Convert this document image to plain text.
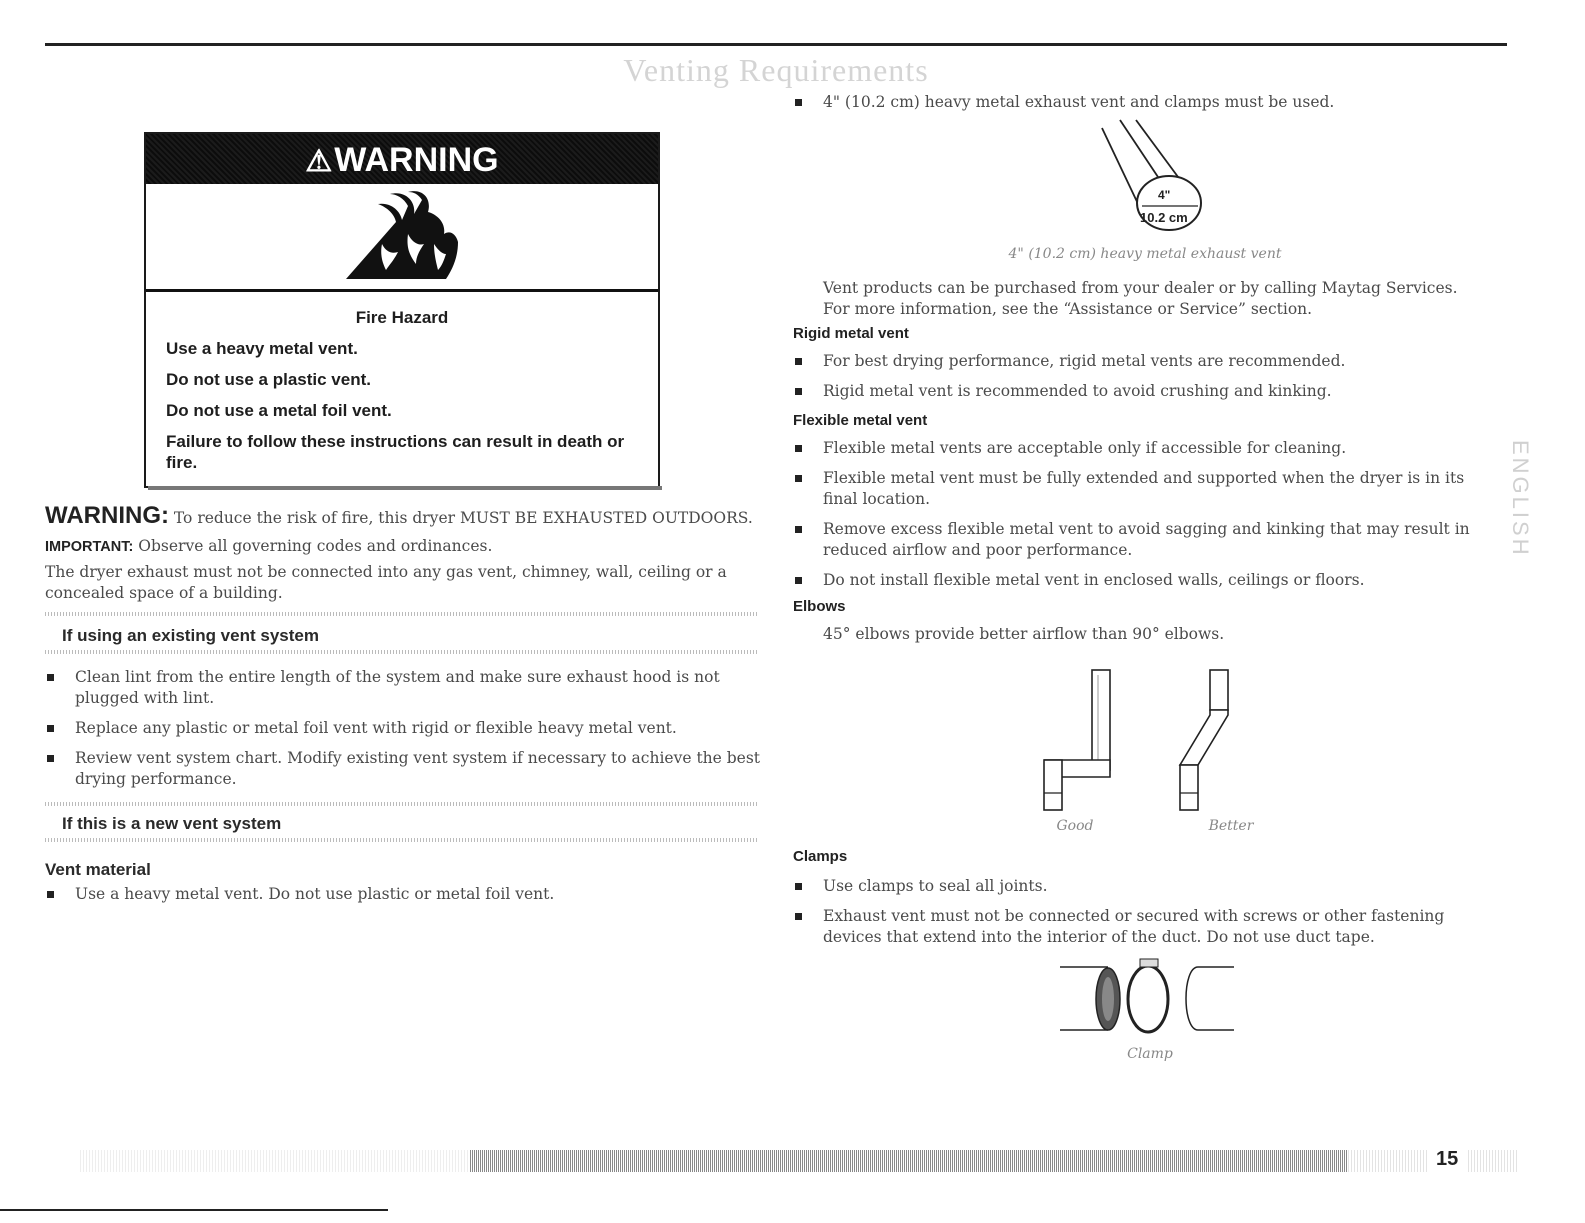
Venting Requirements
ENGLISH
⚠WARNING
Fire Hazard
Use a heavy metal vent.
Do not use a plastic vent.
Do not use a metal foil vent.
Failure to follow these instructions can result in death or fire.
WARNING: To reduce the risk of fire, this dryer MUST BE EXHAUSTED OUTDOORS.
IMPORTANT: Observe all governing codes and ordinances.
The dryer exhaust must not be connected into any gas vent, chimney, wall, ceiling or a concealed space of a building.
If using an existing vent system
Clean lint from the entire length of the system and make sure exhaust hood is not plugged with lint.
Replace any plastic or metal foil vent with rigid or flexible heavy metal vent.
Review vent system chart. Modify existing vent system if necessary to achieve the best drying performance.
If this is a new vent system
Vent material
Use a heavy metal vent. Do not use plastic or metal foil vent.
4" (10.2 cm) heavy metal exhaust vent and clamps must be used.
4"
10.2 cm
4" (10.2 cm) heavy metal exhaust vent
Vent products can be purchased from your dealer or by calling Maytag Services. For more information, see the “Assistance or Service” section.
Rigid metal vent
For best drying performance, rigid metal vents are recommended.
Rigid metal vent is recommended to avoid crushing and kinking.
Flexible metal vent
Flexible metal vents are acceptable only if accessible for cleaning.
Flexible metal vent must be fully extended and supported when the dryer is in its final location.
Remove excess flexible metal vent to avoid sagging and kinking that may result in reduced airflow and poor performance.
Do not install flexible metal vent in enclosed walls, ceilings or floors.
Elbows
45° elbows provide better airflow than 90° elbows.
Good	Better
Clamps
Use clamps to seal all joints.
Exhaust vent must not be connected or secured with screws or other fastening devices that extend into the interior of the duct. Do not use duct tape.
Clamp
15
